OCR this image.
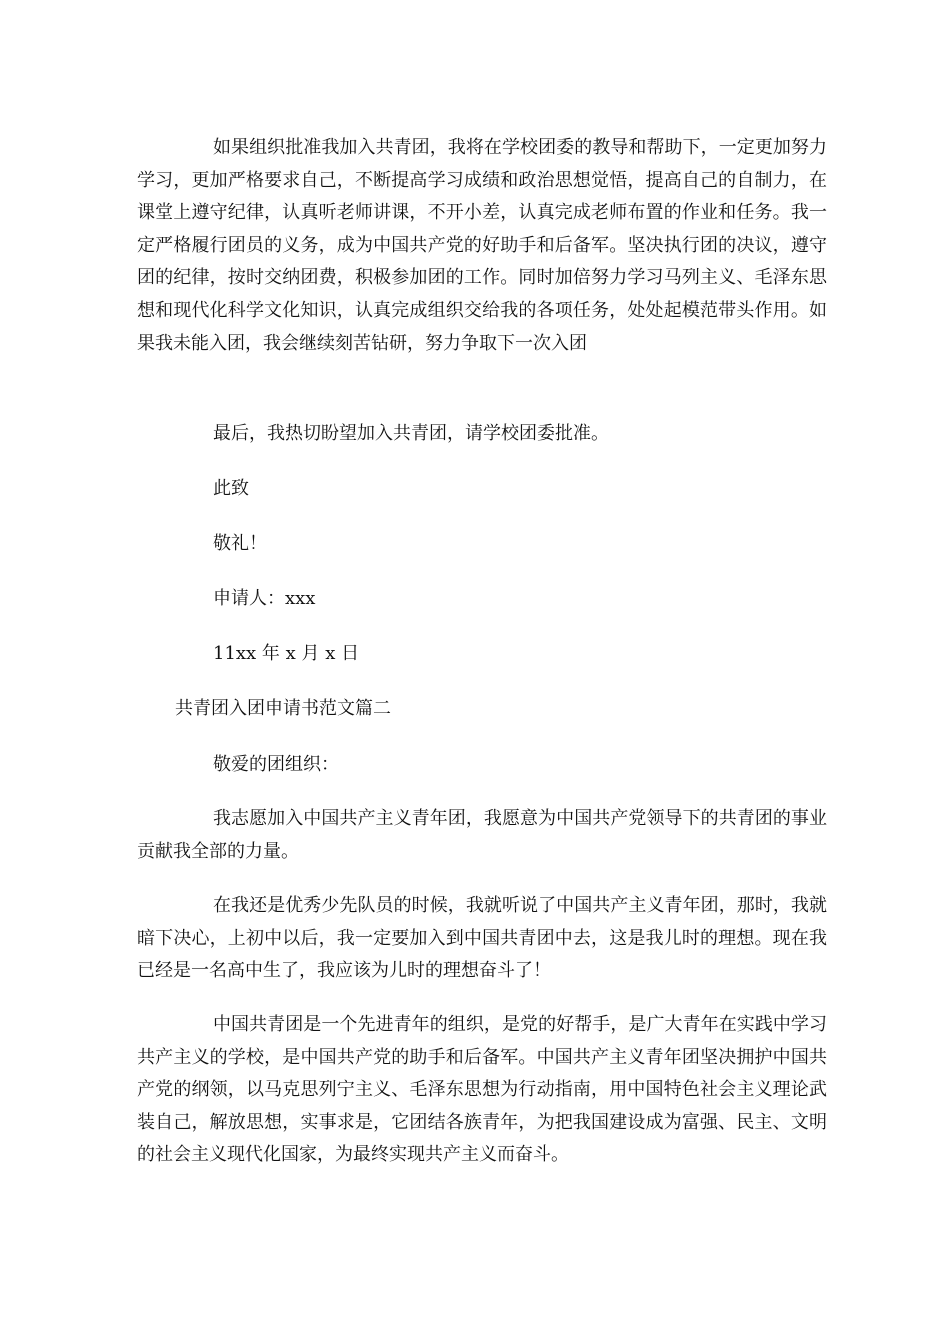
如果组织批准我加入共青团，我将在学校团委的教导和帮助下，一定更加努力学习，更加严格要求自己，不断提高学习成绩和政治思想觉悟，提高自己的自制力，在课堂上遵守纪律，认真听老师讲课，不开小差，认真完成老师布置的作业和任务。我一定严格履行团员的义务，成为中国共产党的好助手和后备军。坚决执行团的决议，遵守团的纪律，按时交纳团费，积极参加团的工作。同时加倍努力学习马列主义、毛泽东思想和现代化科学文化知识，认真完成组织交给我的各项任务，处处起模范带头作用。如果我未能入团，我会继续刻苦钻研，努力争取下一次入团

最后，我热切盼望加入共青团，请学校团委批准。

此致

敬礼！

申请人：xxx

11xx 年 x 月 x 日

共青团入团申请书范文篇二

敬爱的团组织：

我志愿加入中国共产主义青年团，我愿意为中国共产党领导下的共青团的事业贡献我全部的力量。

在我还是优秀少先队员的时候，我就听说了中国共产主义青年团，那时，我就暗下决心，上初中以后，我一定要加入到中国共青团中去，这是我儿时的理想。现在我已经是一名高中生了，我应该为儿时的理想奋斗了！

中国共青团是一个先进青年的组织，是党的好帮手，是广大青年在实践中学习共产主义的学校，是中国共产党的助手和后备军。中国共产主义青年团坚决拥护中国共产党的纲领，以马克思列宁主义、毛泽东思想为行动指南，用中国特色社会主义理论武装自己，解放思想，实事求是，它团结各族青年，为把我国建设成为富强、民主、文明的社会主义现代化国家，为最终实现共产主义而奋斗。
